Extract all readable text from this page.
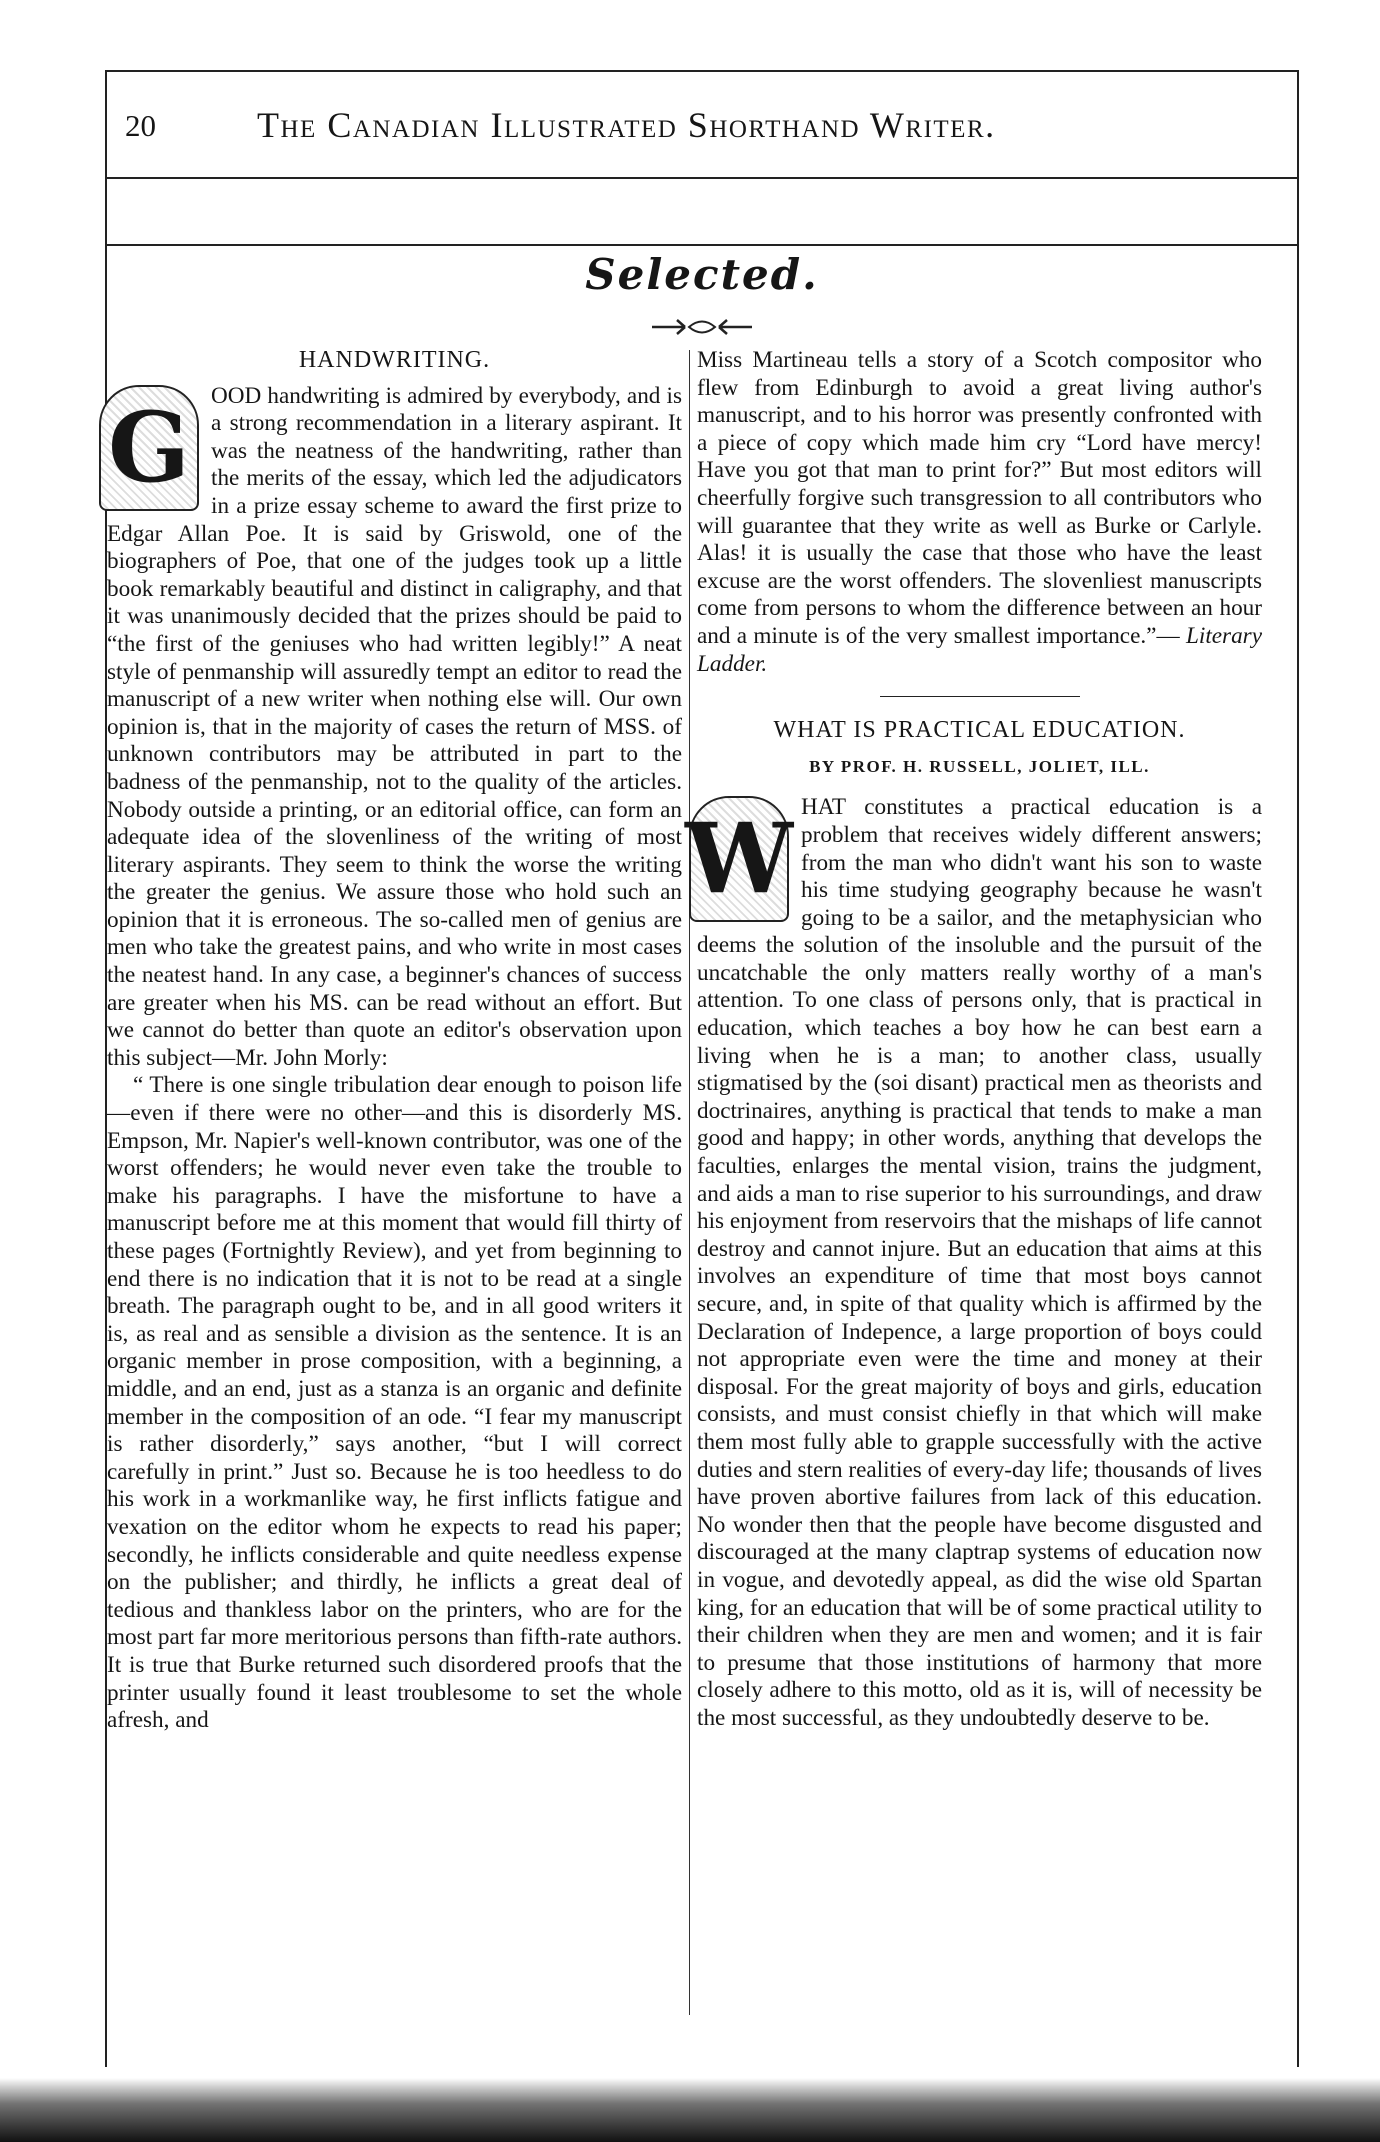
20	The Canadian Illustrated Shorthand Writer.
Selected.
HANDWRITING.

G OOD handwriting is admired by everybody, and is a strong recommendation in a literary aspirant. It was the neatness of the handwriting, rather than the merits of the essay, which led the adjudicators in a prize essay scheme to award the first prize to Edgar Allan Poe. It is said by Griswold, one of the biographers of Poe, that one of the judges took up a little book remarkably beautiful and distinct in caligraphy, and that it was unanimously decided that the prizes should be paid to “the first of the geniuses who had written legibly!” A neat style of penmanship will assuredly tempt an editor to read the manuscript of a new writer when nothing else will. Our own opinion is, that in the majority of cases the return of MSS. of unknown contributors may be attributed in part to the badness of the penmanship, not to the quality of the articles. Nobody outside a printing, or an editorial office, can form an adequate idea of the slovenliness of the writing of most literary aspirants. They seem to think the worse the writing the greater the genius. We assure those who hold such an opinion that it is erroneous. The so-called men of genius are men who take the greatest pains, and who write in most cases the neatest hand. In any case, a beginner's chances of success are greater when his MS. can be read without an effort. But we cannot do better than quote an editor's observation upon this subject—Mr. John Morly:

“ There is one single tribulation dear enough to poison life—even if there were no other—and this is disorderly MS. Empson, Mr. Napier's well-known contributor, was one of the worst offenders; he would never even take the trouble to make his paragraphs. I have the misfortune to have a manuscript before me at this moment that would fill thirty of these pages (Fortnightly Review), and yet from beginning to end there is no indication that it is not to be read at a single breath. The paragraph ought to be, and in all good writers it is, as real and as sensible a division as the sentence. It is an organic member in prose composition, with a beginning, a middle, and an end, just as a stanza is an organic and definite member in the composition of an ode. “I fear my manuscript is rather disorderly,” says another, “but I will correct carefully in print.” Just so. Because he is too heedless to do his work in a workmanlike way, he first inflicts fatigue and vexation on the editor whom he expects to read his paper; secondly, he inflicts considerable and quite needless expense on the publisher; and thirdly, he inflicts a great deal of tedious and thankless labor on the printers, who are for the most part far more meritorious persons than fifth-rate authors. It is true that Burke returned such disordered proofs that the printer usually found it least troublesome to set the whole afresh, and

Miss Martineau tells a story of a Scotch compositor who flew from Edinburgh to avoid a great living author's manuscript, and to his horror was presently confronted with a piece of copy which made him cry “Lord have mercy! Have you got that man to print for?” But most editors will cheerfully forgive such transgression to all contributors who will guarantee that they write as well as Burke or Carlyle. Alas! it is usually the case that those who have the least excuse are the worst offenders. The slovenliest manuscripts come from persons to whom the difference between an hour and a minute is of the very smallest importance.”— Literary Ladder.

WHAT IS PRACTICAL EDUCATION.
BY PROF. H. RUSSELL, JOLIET, ILL.

W HAT constitutes a practical education is a problem that receives widely different answers; from the man who didn't want his son to waste his time studying geography because he wasn't going to be a sailor, and the metaphysician who deems the solution of the insoluble and the pursuit of the uncatchable the only matters really worthy of a man's attention. To one class of persons only, that is practical in education, which teaches a boy how he can best earn a living when he is a man; to another class, usually stigmatised by the (soi disant) practical men as theorists and doctrinaires, anything is practical that tends to make a man good and happy; in other words, anything that develops the faculties, enlarges the mental vision, trains the judgment, and aids a man to rise superior to his surroundings, and draw his enjoyment from reservoirs that the mishaps of life cannot destroy and cannot injure. But an education that aims at this involves an expenditure of time that most boys cannot secure, and, in spite of that quality which is affirmed by the Declaration of Indepence, a large proportion of boys could not appropriate even were the time and money at their disposal. For the great majority of boys and girls, education consists, and must consist chiefly in that which will make them most fully able to grapple successfully with the active duties and stern realities of every-day life; thousands of lives have proven abortive failures from lack of this education. No wonder then that the people have become disgusted and discouraged at the many claptrap systems of education now in vogue, and devotedly appeal, as did the wise old Spartan king, for an education that will be of some practical utility to their children when they are men and women; and it is fair to presume that those institutions of harmony that more closely adhere to this motto, old as it is, will of necessity be the most successful, as they undoubtedly deserve to be.
